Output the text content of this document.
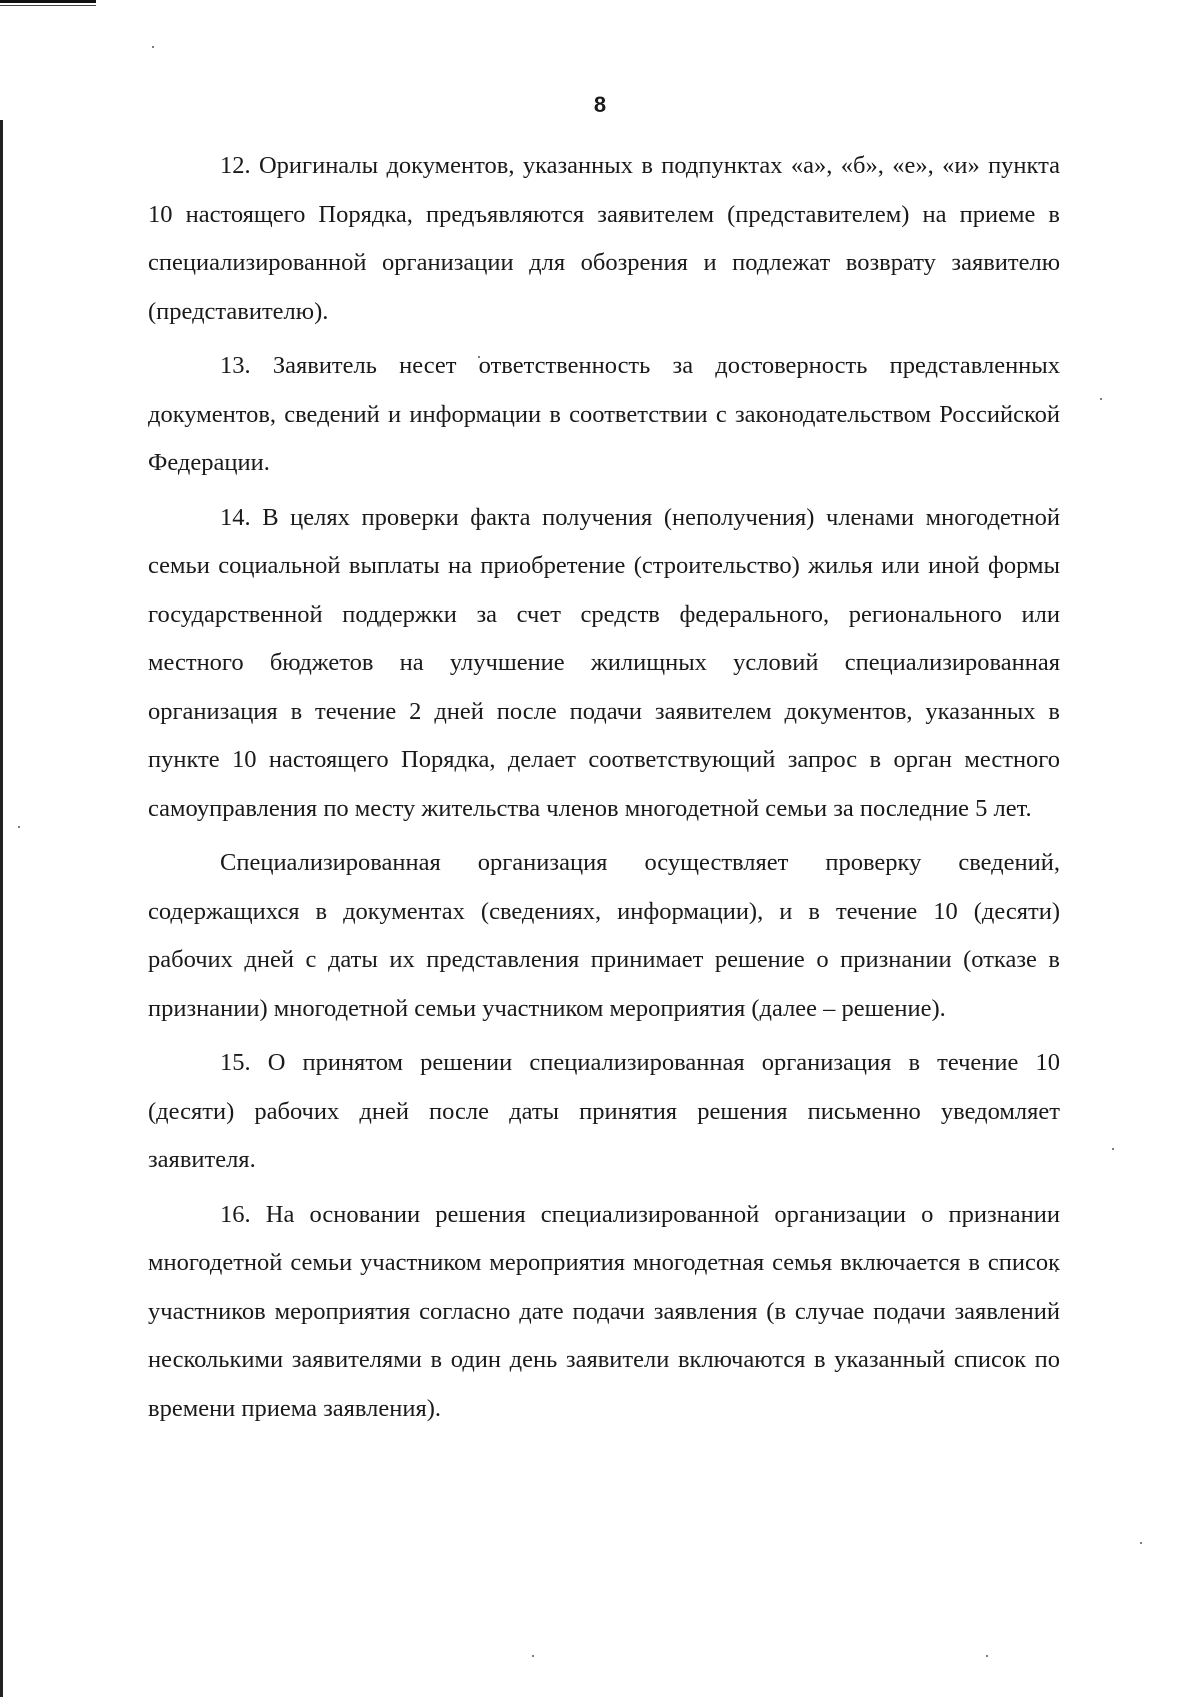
8

12. Оригиналы документов, указанных в подпунктах «а», «б», «е», «и» пункта 10 настоящего Порядка, предъявляются заявителем (представителем) на приеме в специализированной организации для обозрения и подлежат возврату заявителю (представителю).

13. Заявитель несет ответственность за достоверность представленных документов, сведений и информации в соответствии с законодательством Российской Федерации.

14. В целях проверки факта получения (неполучения) членами многодетной семьи социальной выплаты на приобретение (строительство) жилья или иной формы государственной поддержки за счет средств федерального, регионального или местного бюджетов на улучшение жилищных условий специализированная организация в течение 2 дней после подачи заявителем документов, указанных в пункте 10 настоящего Порядка, делает соответствующий запрос в орган местного самоуправления по месту жительства членов многодетной семьи за последние 5 лет.

Специализированная организация осуществляет проверку сведений, содержащихся в документах (сведениях, информации), и в течение 10 (десяти) рабочих дней с даты их представления принимает решение о признании (отказе в признании) многодетной семьи участником мероприятия (далее – решение).

15. О принятом решении специализированная организация в течение 10 (десяти) рабочих дней после даты принятия решения письменно уведомляет заявителя.

16. На основании решения специализированной организации о признании многодетной семьи участником мероприятия многодетная семья включается в список участников мероприятия согласно дате подачи заявления (в случае подачи заявлений несколькими заявителями в один день заявители включаются в указанный список по времени приема заявления).
